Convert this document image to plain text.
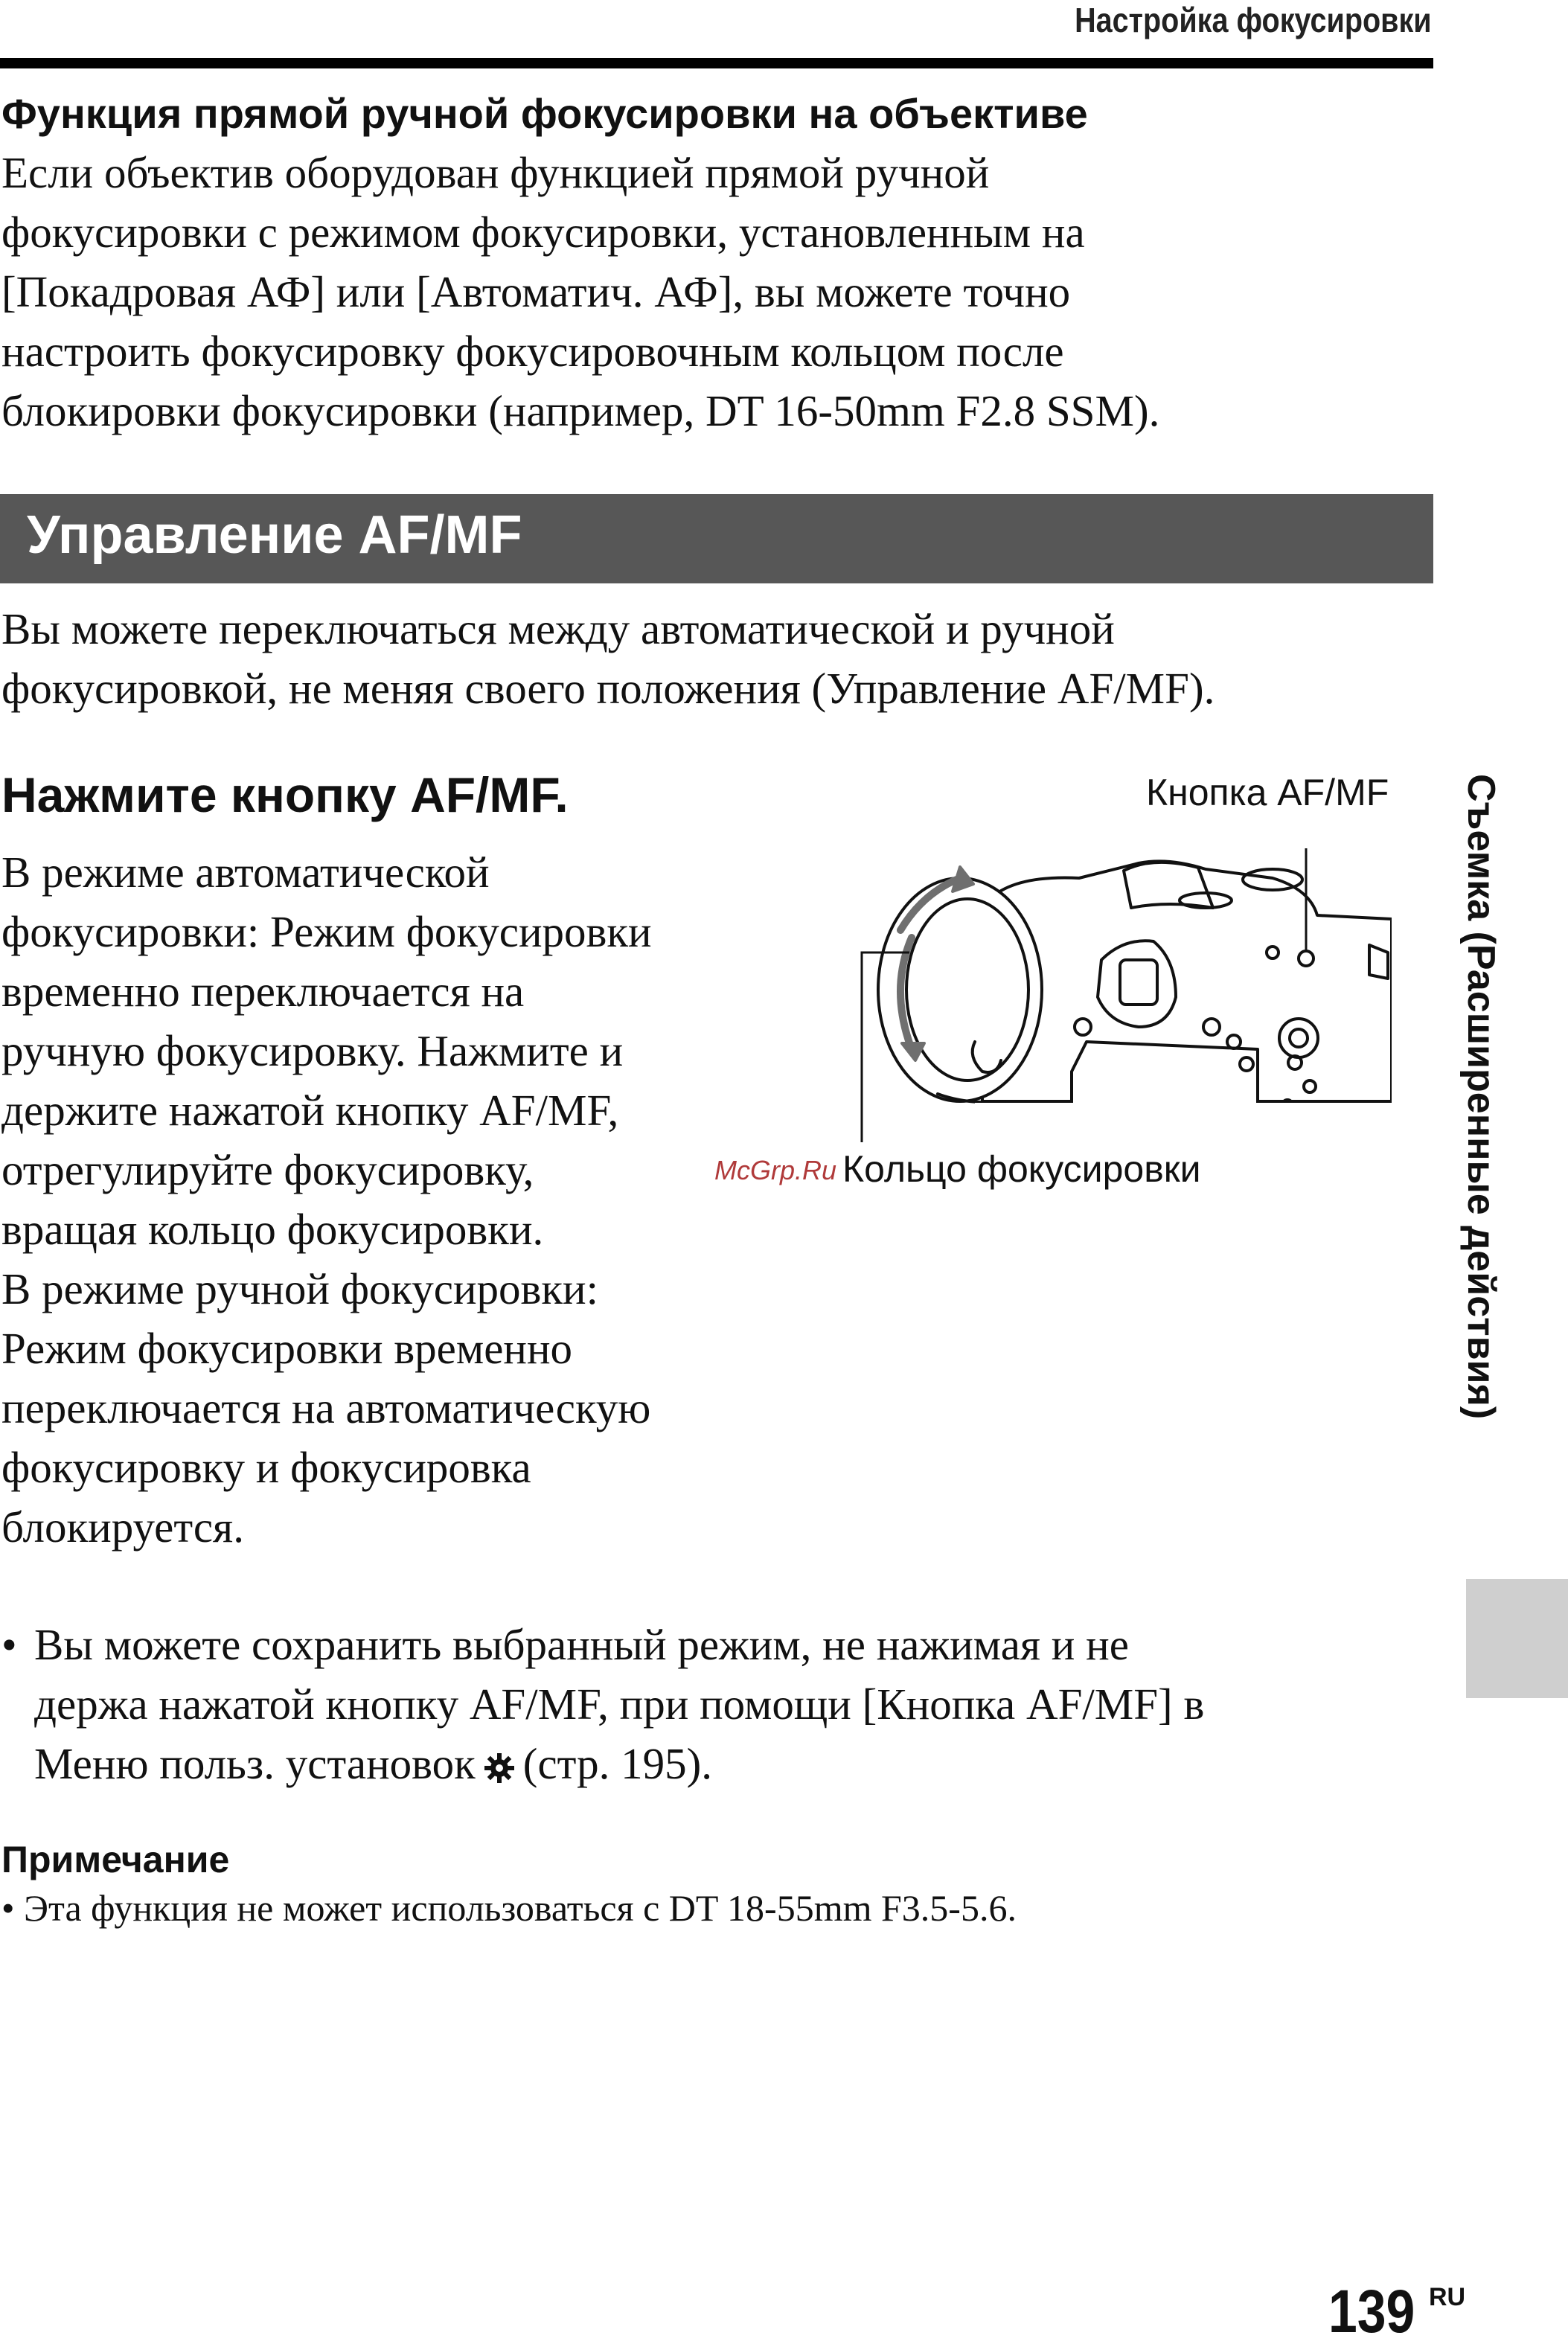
Настройка фокусировки
Функция прямой ручной фокусировки на объективе
Если объектив оборудован функцией прямой ручной
фокусировки с режимом фокусировки, установленным на
[Покадровая АФ] или [Автоматич. АФ], вы можете точно
настроить фокусировку фокусировочным кольцом после
блокировки фокусировки (например, DT 16-50mm F2.8 SSM).
Управление AF/MF
Вы можете переключаться между автоматической и ручной
фокусировкой, не меняя своего положения (Управление AF/MF).
Нажмите кнопку AF/MF.
В режиме автоматической
фокусировки: Режим фокусировки
временно переключается на
ручную фокусировку. Нажмите и
держите нажатой кнопку AF/MF,
отрегулируйте фокусировку,
вращая кольцо фокусировки.
В режиме ручной фокусировки:
Режим фокусировки временно
переключается на автоматическую
фокусировку и фокусировка
блокируется.
Кнопка AF/MF
McGrp.Ru Кольцо фокусировки	Съемка (Расширенные действия)
• Вы можете сохранить выбранный режим, не нажимая и не
держа нажатой кнопку AF/MF, при помощи [Кнопка AF/MF] в
Меню польз. установок (стр. 195).
Примечание
• Эта функция не может использоваться с DT 18-55mm F3.5-5.6.
139 RU
